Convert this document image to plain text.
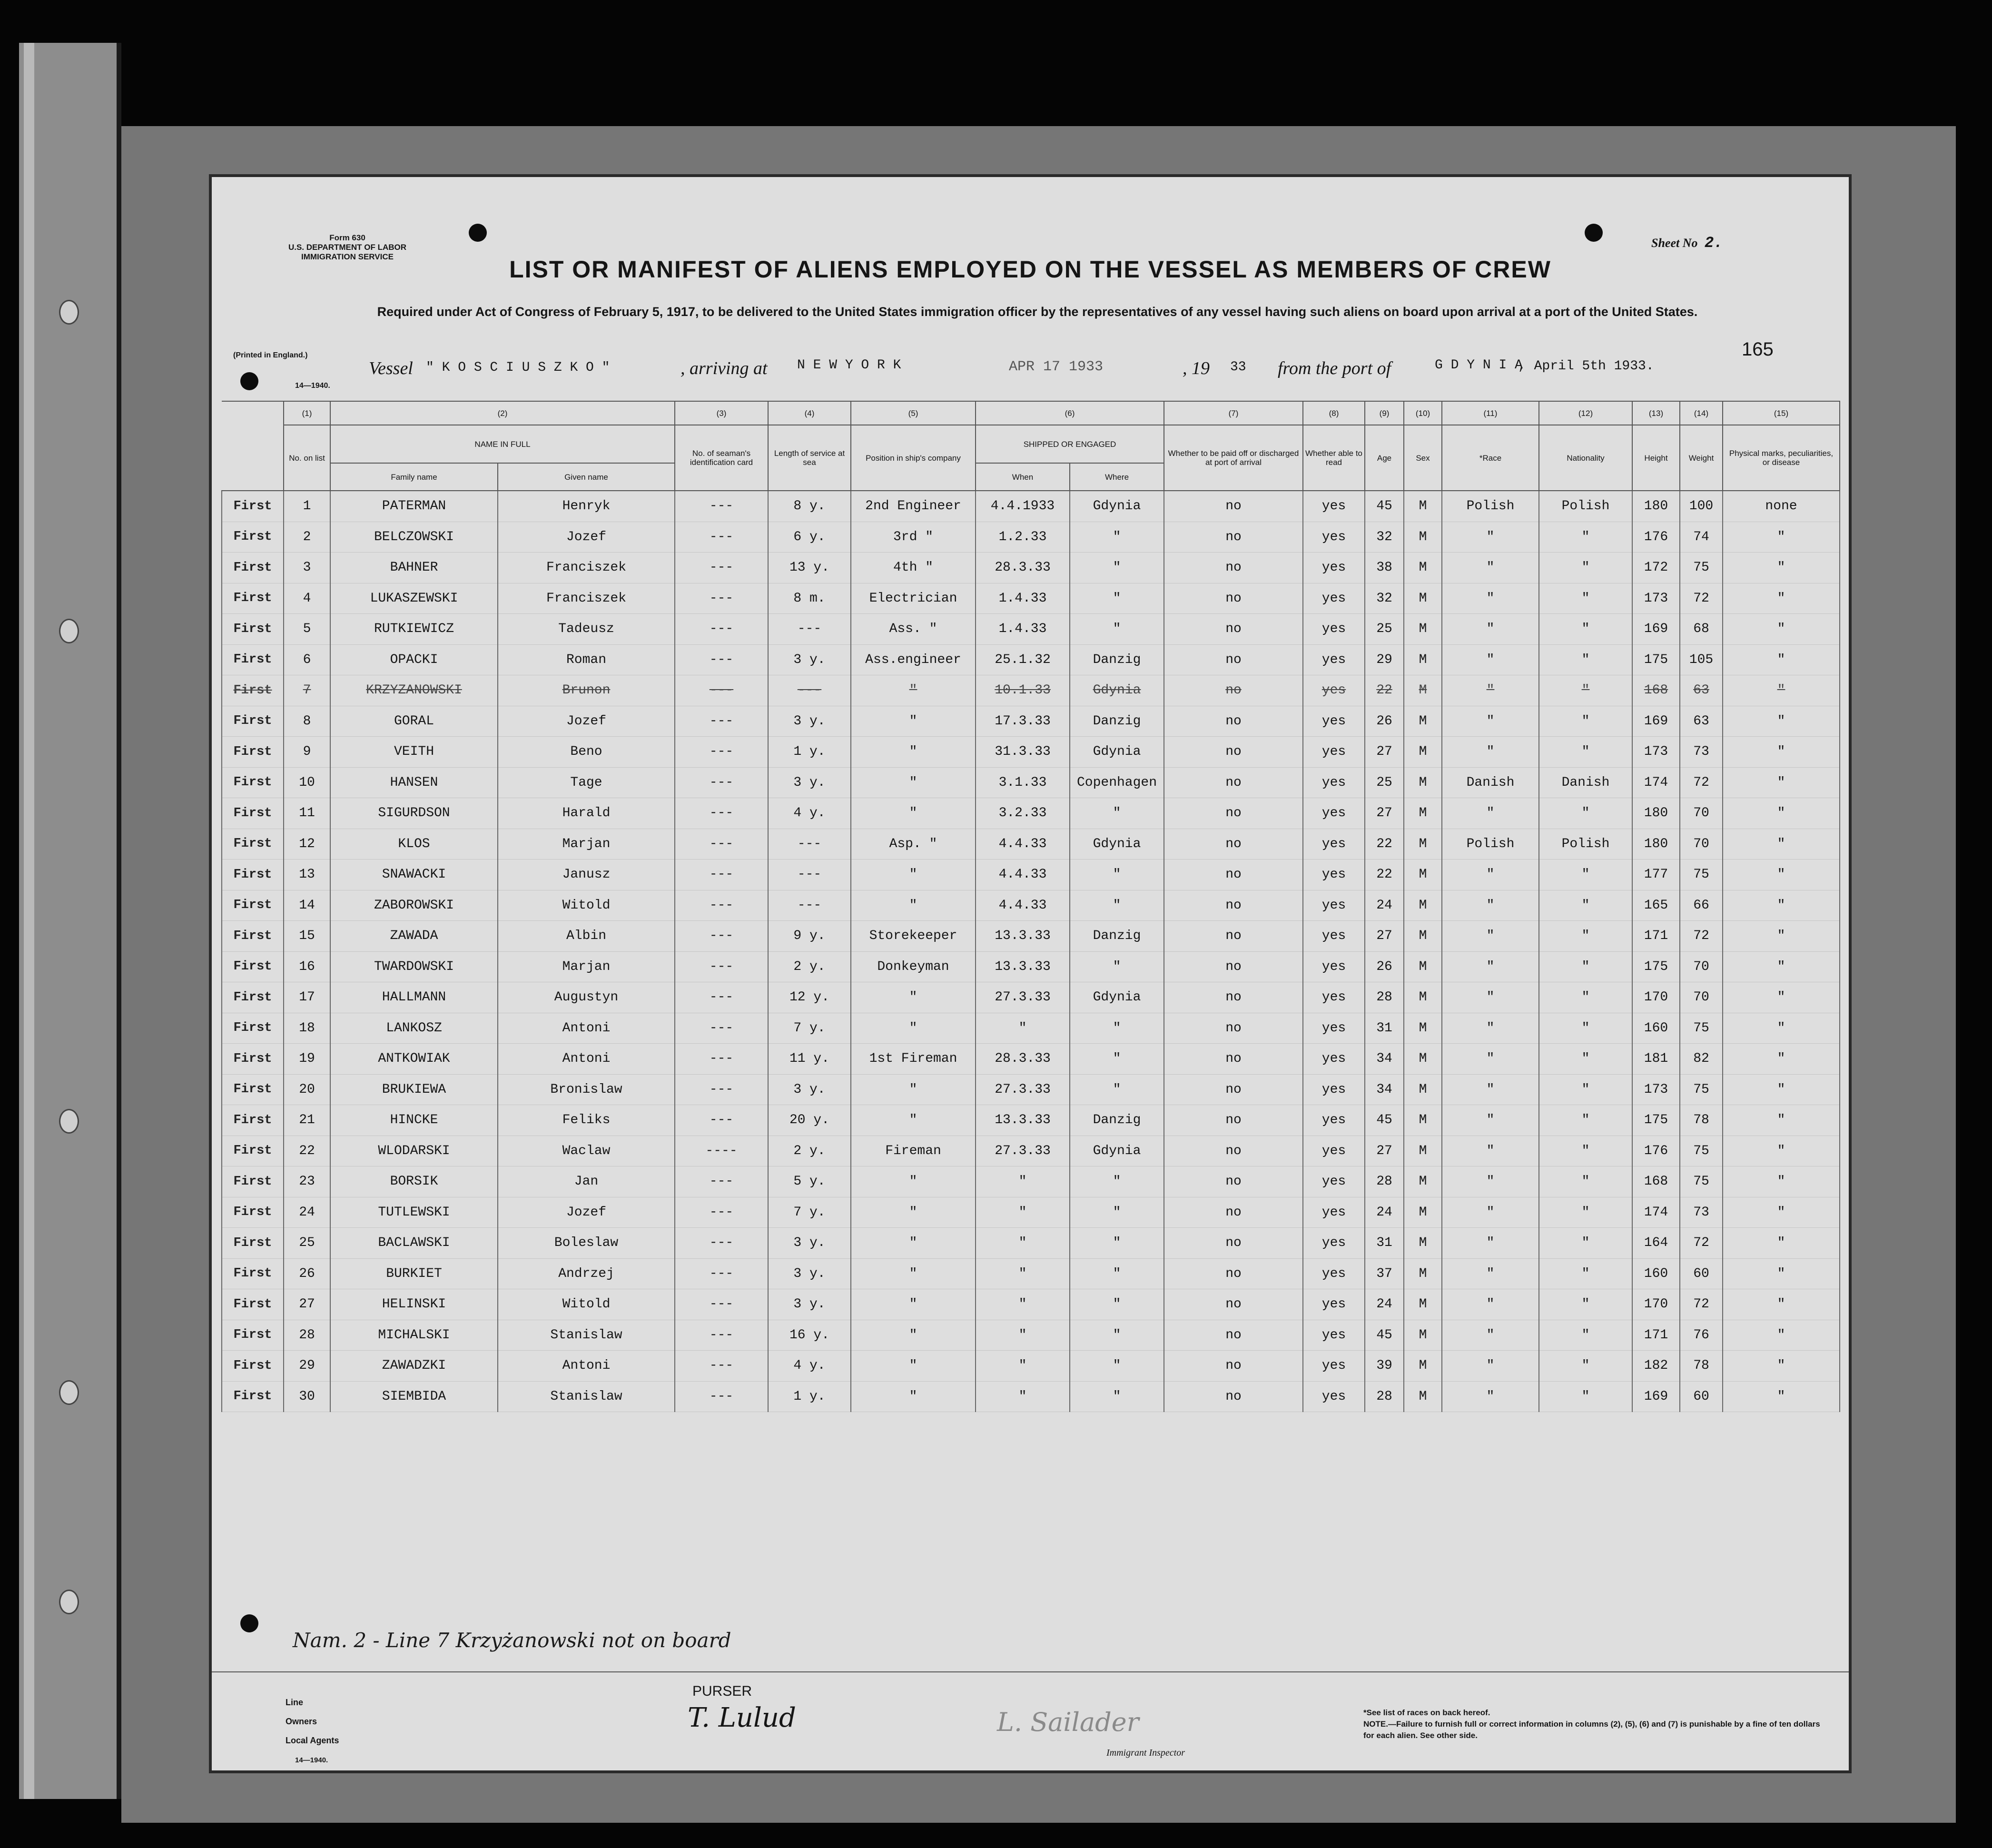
Form 630
U.S. DEPARTMENT OF LABOR
IMMIGRATION SERVICE
Sheet No 2.
LIST OR MANIFEST OF ALIENS EMPLOYED ON THE VESSEL AS MEMBERS OF CREW
Required under Act of Congress of February 5, 1917, to be delivered to the United States immigration officer by the representatives of any vessel having such aliens on board upon arrival at a port of the United States.
(Printed in England.)
14—1940.
165
Vessel " K O S C I U S Z K O "	, arriving at N E W Y O R K	APR 17 1933	, 19 33 from the port of	G D Y N I A
, April 5th 1933.
	(1)	(2)		(3)	(4)	(5)	(6)		(7)	(8)	(9)	(10)	(11)	(12)	(13)	(14)	(15)
	No. on list	NAME IN FULL		No. of seaman's identification card	Length of service at sea	Position in ship's company	SHIPPED OR ENGAGED		Whether to be paid off or discharged at port of arrival	Whether able to read	Age	Sex	*Race	Nationality	Height	Weight	Physical marks, peculiarities, or disease
		Family name	Given name				When	Where									
First	1	PATERMAN	Henryk	---	8 y.	2nd Engineer	4.4.1933	Gdynia	no	yes	45	M	Polish	Polish	180	100	none
First	2	BELCZOWSKI	Jozef	---	6 y.	3rd "	1.2.33	"	no	yes	32	M	"	"	176	74	"
First	3	BAHNER	Franciszek	---	13 y.	4th "	28.3.33	"	no	yes	38	M	"	"	172	75	"
First	4	LUKASZEWSKI	Franciszek	---	8 m.	Electrician	1.4.33	"	no	yes	32	M	"	"	173	72	"
First	5	RUTKIEWICZ	Tadeusz	---	---	Ass. "	1.4.33	"	no	yes	25	M	"	"	169	68	"
First	6	OPACKI	Roman	---	3 y.	Ass.engineer	25.1.32	Danzig	no	yes	29	M	"	"	175	105	"
First	7	KRZYZANOWSKI	Brunon	---	---	"	10.1.33	Gdynia	no	yes	22	M	"	"	168	63	"
First	8	GORAL	Jozef	---	3 y.	"	17.3.33	Danzig	no	yes	26	M	"	"	169	63	"
First	9	VEITH	Beno	---	1 y.	"	31.3.33	Gdynia	no	yes	27	M	"	"	173	73	"
First	10	HANSEN	Tage	---	3 y.	"	3.1.33	Copenhagen	no	yes	25	M	Danish	Danish	174	72	"
First	11	SIGURDSON	Harald	---	4 y.	"	3.2.33	"	no	yes	27	M	"	"	180	70	"
First	12	KLOS	Marjan	---	---	Asp. "	4.4.33	Gdynia	no	yes	22	M	Polish	Polish	180	70	"
First	13	SNAWACKI	Janusz	---	---	"	4.4.33	"	no	yes	22	M	"	"	177	75	"
First	14	ZABOROWSKI	Witold	---	---	"	4.4.33	"	no	yes	24	M	"	"	165	66	"
First	15	ZAWADA	Albin	---	9 y.	Storekeeper	13.3.33	Danzig	no	yes	27	M	"	"	171	72	"
First	16	TWARDOWSKI	Marjan	---	2 y.	Donkeyman	13.3.33	"	no	yes	26	M	"	"	175	70	"
First	17	HALLMANN	Augustyn	---	12 y.	"	27.3.33	Gdynia	no	yes	28	M	"	"	170	70	"
First	18	LANKOSZ	Antoni	---	7 y.	"	"	"	no	yes	31	M	"	"	160	75	"
First	19	ANTKOWIAK	Antoni	---	11 y.	1st Fireman	28.3.33	"	no	yes	34	M	"	"	181	82	"
First	20	BRUKIEWA	Bronislaw	---	3 y.	"	27.3.33	"	no	yes	34	M	"	"	173	75	"
First	21	HINCKE	Feliks	---	20 y.	"	13.3.33	Danzig	no	yes	45	M	"	"	175	78	"
First	22	WLODARSKI	Waclaw	----	2 y.	Fireman	27.3.33	Gdynia	no	yes	27	M	"	"	176	75	"
First	23	BORSIK	Jan	---	5 y.	"	"	"	no	yes	28	M	"	"	168	75	"
First	24	TUTLEWSKI	Jozef	---	7 y.	"	"	"	no	yes	24	M	"	"	174	73	"
First	25	BACLAWSKI	Boleslaw	---	3 y.	"	"	"	no	yes	31	M	"	"	164	72	"
First	26	BURKIET	Andrzej	---	3 y.	"	"	"	no	yes	37	M	"	"	160	60	"
First	27	HELINSKI	Witold	---	3 y.	"	"	"	no	yes	24	M	"	"	170	72	"
First	28	MICHALSKI	Stanislaw	---	16 y.	"	"	"	no	yes	45	M	"	"	171	76	"
First	29	ZAWADZKI	Antoni	---	4 y.	"	"	"	no	yes	39	M	"	"	182	78	"
First	30	SIEMBIDA	Stanislaw	---	1 y.	"	"	"	no	yes	28	M	"	"	169	60	"
Nam. 2 - Line 7 Krzyżanowski not on board
Line
Owners
Local Agents
14—1940.
PURSER
T. Lulud	L. Sailader
Immigrant Inspector
*See list of races on back hereof.
NOTE.—Failure to furnish full or correct information in columns (2), (5), (6) and (7) is punishable by a fine of ten dollars for each alien. See other side.
